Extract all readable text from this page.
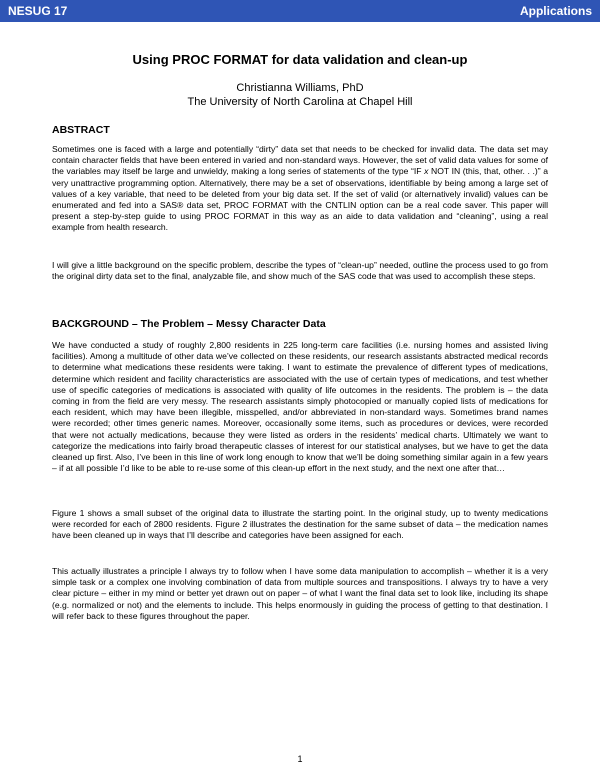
NESUG 17	Applications
Using PROC FORMAT for data validation and clean-up
Christianna Williams, PhD
The University of North Carolina at Chapel Hill
ABSTRACT
Sometimes one is faced with a large and potentially “dirty” data set that needs to be checked for invalid data. The data set may contain character fields that have been entered in varied and non-standard ways. However, the set of valid data values for some of the variables may itself be large and unwieldy, making a long series of statements of the type “IF x NOT IN (this, that, other. . .)” a very unattractive programming option. Alternatively, there may be a set of observations, identifiable by being among a large set of values of a key variable, that need to be deleted from your big data set. If the set of valid (or alternatively invalid) values can be enumerated and fed into a SAS® data set, PROC FORMAT with the CNTLIN option can be a real code saver. This paper will present a step-by-step guide to using PROC FORMAT in this way as an aide to data validation and “cleaning”, using a real example from health research.
I will give a little background on the specific problem, describe the types of “clean-up” needed, outline the process used to go from the original dirty data set to the final, analyzable file, and show much of the SAS code that was used to accomplish these steps.
BACKGROUND – The Problem – Messy Character Data
We have conducted a study of roughly 2,800 residents in 225 long-term care facilities (i.e. nursing homes and assisted living facilities). Among a multitude of other data we’ve collected on these residents, our research assistants abstracted medical records to determine what medications these residents were taking. I want to estimate the prevalence of different types of medications, determine which resident and facility characteristics are associated with the use of certain types of medications, and test whether use of specific categories of medications is associated with quality of life outcomes in the residents. The problem is – the data coming in from the field are very messy. The research assistants simply photocopied or manually copied lists of medications for each resident, which may have been illegible, misspelled, and/or abbreviated in non-standard ways. Sometimes brand names were recorded; other times generic names. Moreover, occasionally some items, such as procedures or devices, were recorded that were not actually medications, because they were listed as orders in the residents’ medical charts. Ultimately we want to categorize the medications into fairly broad therapeutic classes of interest for our statistical analyses, but we have to get the data cleaned up first. Also, I’ve been in this line of work long enough to know that we’ll be doing something similar again in a few years – if at all possible I’d like to be able to re-use some of this clean-up effort in the next study, and the next one after that…
Figure 1 shows a small subset of the original data to illustrate the starting point. In the original study, up to twenty medications were recorded for each of 2800 residents. Figure 2 illustrates the destination for the same subset of data – the medication names have been cleaned up in ways that I’ll describe and categories have been assigned for each.
This actually illustrates a principle I always try to follow when I have some data manipulation to accomplish – whether it is a very simple task or a complex one involving combination of data from multiple sources and transpositions. I always try to have a very clear picture – either in my mind or better yet drawn out on paper – of what I want the final data set to look like, including its shape (e.g. normalized or not) and the elements to include. This helps enormously in guiding the process of getting to that destination. I will refer back to these figures throughout the paper.
1
